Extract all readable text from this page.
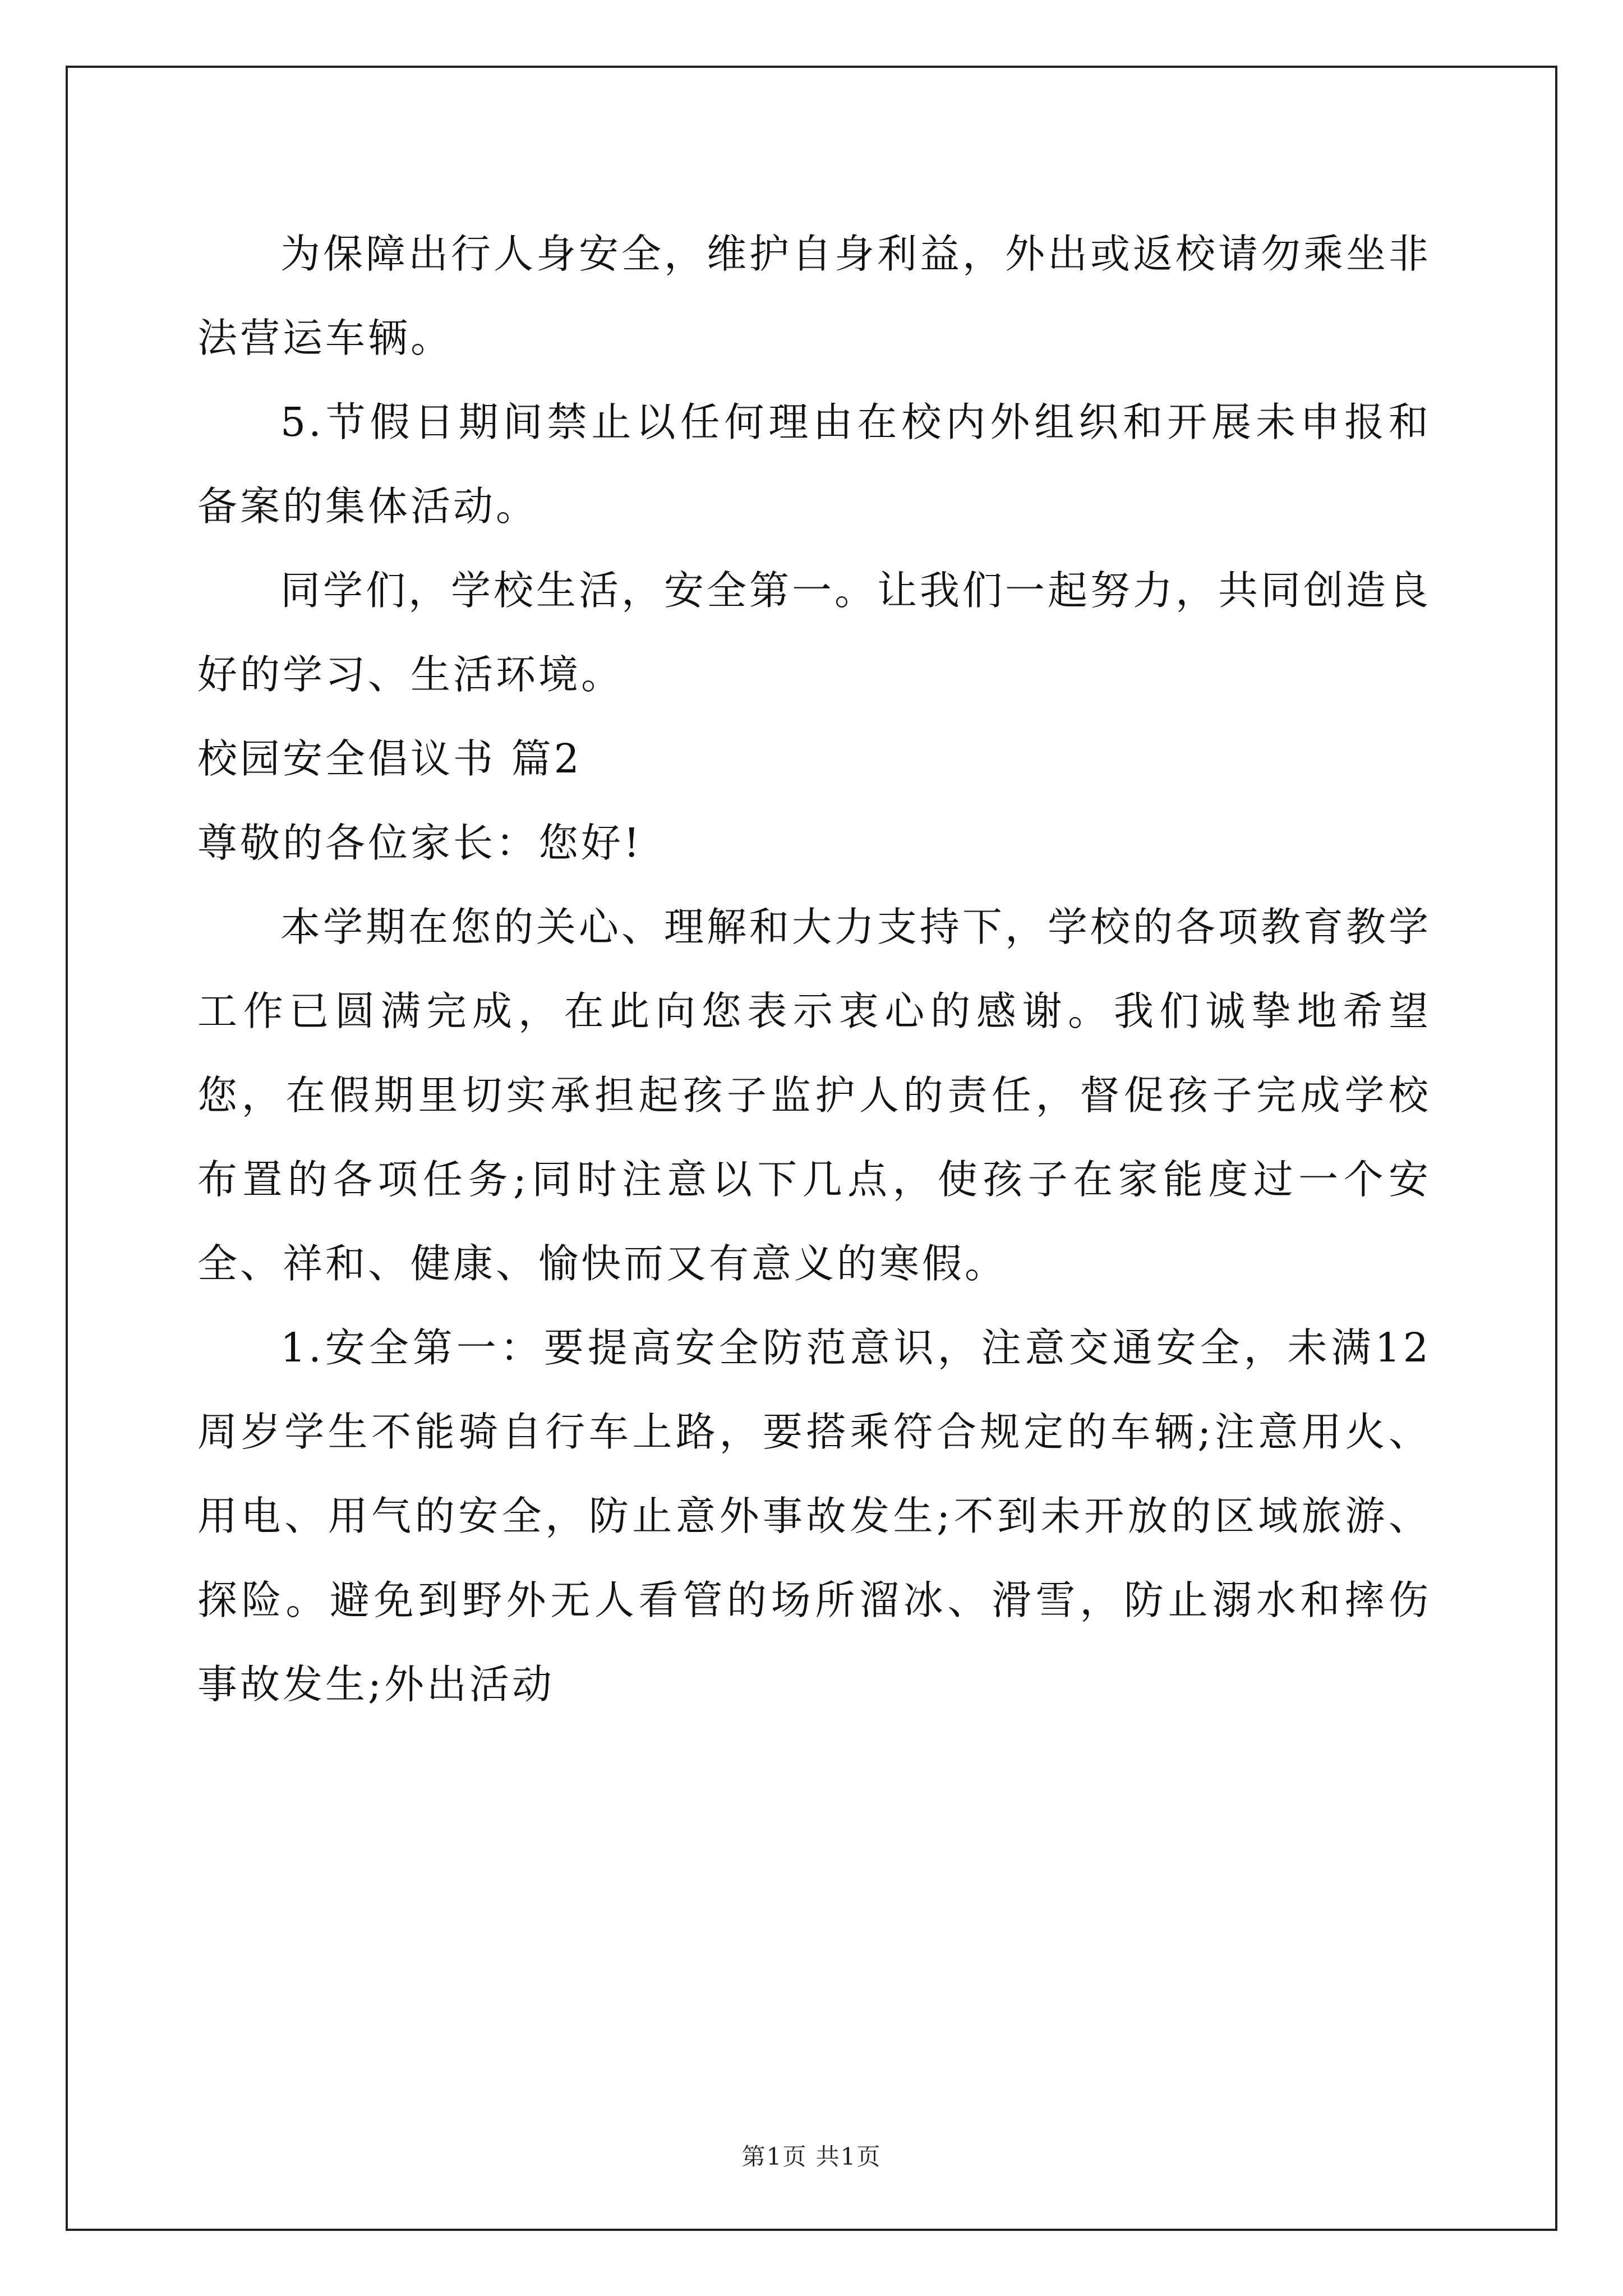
为保障出行人身安全，维护自身利益，外出或返校请勿乘坐非法营运车辆。

5.节假日期间禁止以任何理由在校内外组织和开展未申报和备案的集体活动。

同学们，学校生活，安全第一。让我们一起努力，共同创造良好的学习、生活环境。

校园安全倡议书 篇2

尊敬的各位家长：您好!

本学期在您的关心、理解和大力支持下，学校的各项教育教学工作已圆满完成，在此向您表示衷心的感谢。我们诚挚地希望您，在假期里切实承担起孩子监护人的责任，督促孩子完成学校布置的各项任务;同时注意以下几点，使孩子在家能度过一个安全、祥和、健康、愉快而又有意义的寒假。

1.安全第一：要提高安全防范意识，注意交通安全，未满12周岁学生不能骑自行车上路，要搭乘符合规定的车辆;注意用火、用电、用气的安全，防止意外事故发生;不到未开放的区域旅游、探险。避免到野外无人看管的场所溜冰、滑雪，防止溺水和摔伤事故发生;外出活动

第1页 共1页
